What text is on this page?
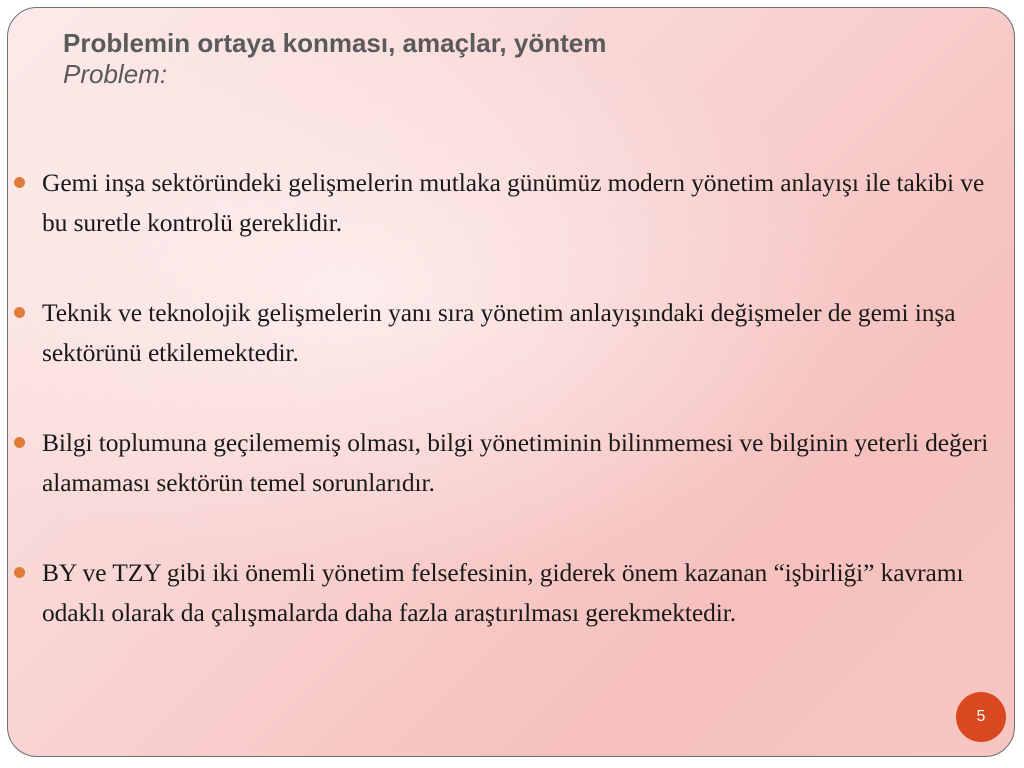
Problemin ortaya konması, amaçlar, yöntem

Problem:

Gemi inşa sektöründeki gelişmelerin mutlaka günümüz modern yönetim anlayışı ile takibi ve bu suretle kontrolü gereklidir.
Teknik ve teknolojik gelişmelerin yanı sıra yönetim anlayışındaki değişmeler de gemi inşa sektörünü etkilemektedir.
Bilgi toplumuna geçilememiş olması, bilgi yönetiminin bilinmemesi ve bilginin yeterli değeri alamaması sektörün temel sorunlarıdır.
BY ve TZY gibi iki önemli yönetim felsefesinin, giderek önem kazanan “işbirliği” kavramı odaklı olarak da çalışmalarda daha fazla araştırılması gerekmektedir.
5
